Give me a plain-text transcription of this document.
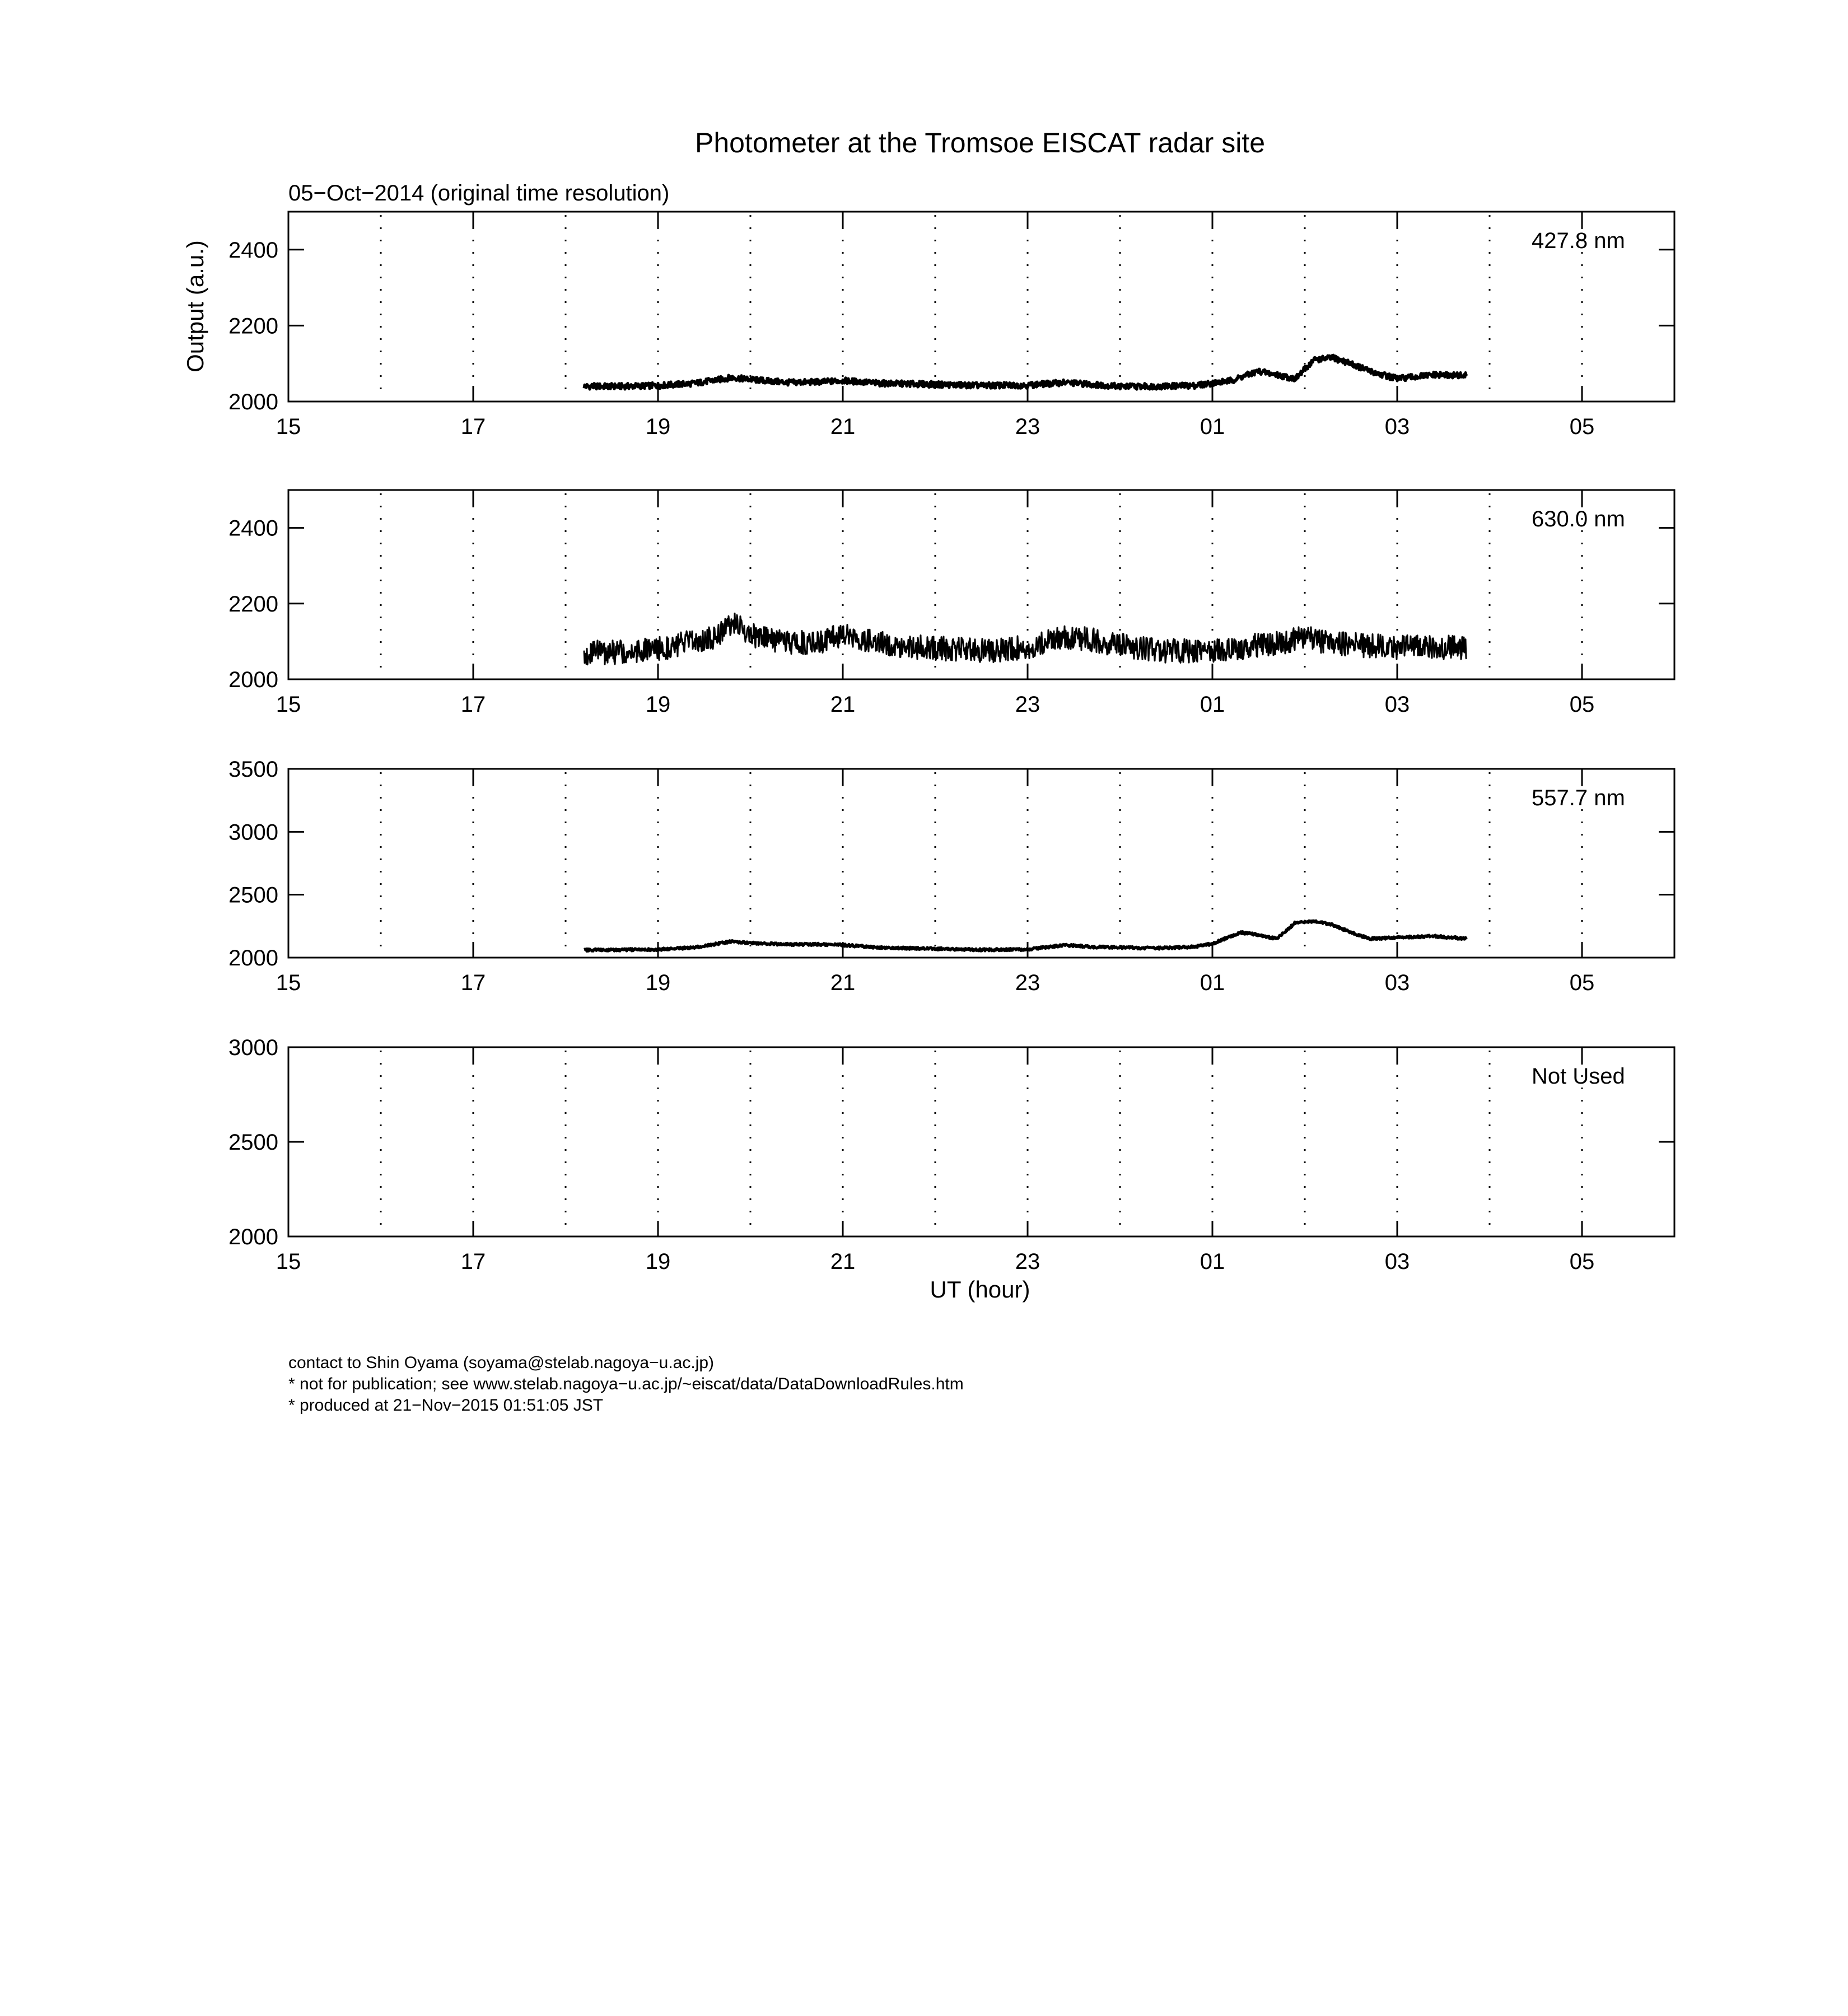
Photometer at the Tromsoe EISCAT radar site
05−Oct−2014 (original time resolution)
Output (a.u.)
2000
2200
2400
15	17	19	21	23	01	03	05
427.8 nm
2000
2200
2400
15	17	19	21	23	01	03	05
630.0 nm
2000
2500
3000
3500
15	17	19	21	23	01	03	05
557.7 nm
2000
2500
3000
15	17	19	21	23	01	03	05
Not Used
UT (hour)
contact to Shin Oyama (soyama@stelab.nagoya−u.ac.jp)
* not for publication; see www.stelab.nagoya−u.ac.jp/~eiscat/data/DataDownloadRules.htm
* produced at 21−Nov−2015 01:51:05 JST
